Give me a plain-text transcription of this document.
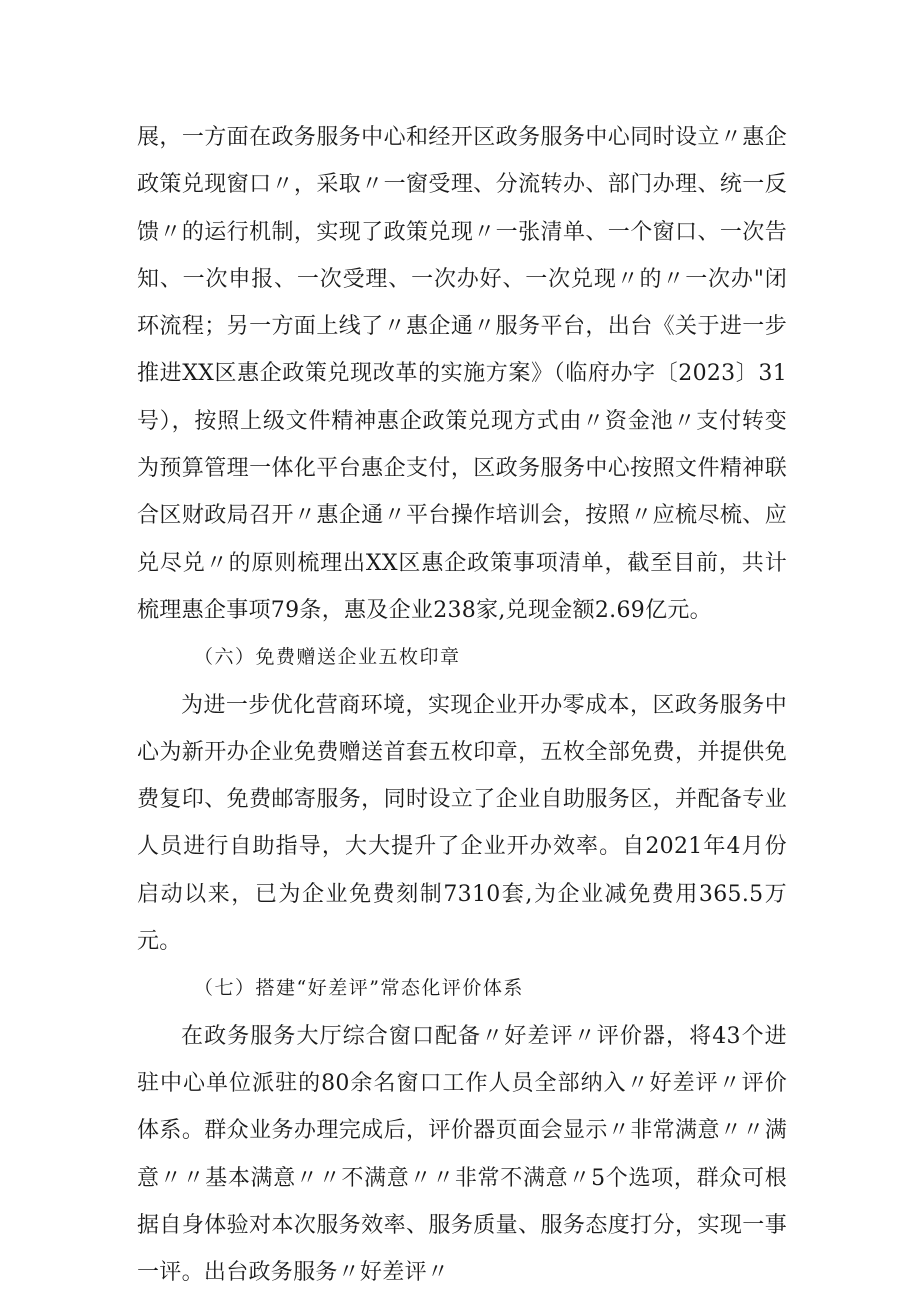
展，一方面在政务服务中心和经开区政务服务中心同时设立〃惠企政策兑现窗口〃，采取〃一窗受理、分流转办、部门办理、统一反馈〃的运行机制，实现了政策兑现〃一张清单、一个窗口、一次告知、一次申报、一次受理、一次办好、一次兑现〃的〃一次办"闭环流程；另一方面上线了〃惠企通〃服务平台，出台《关于进一步推进XX区惠企政策兑现改革的实施方案》（临府办字〔2023〕31号），按照上级文件精神惠企政策兑现方式由〃资金池〃支付转变为预算管理一体化平台惠企支付，区政务服务中心按照文件精神联合区财政局召开〃惠企通〃平台操作培训会，按照〃应梳尽梳、应兑尽兑〃的原则梳理出XX区惠企政策事项清单，截至目前，共计梳理惠企事项79条，惠及企业238家,兑现金额2.69亿元。

（六）免费赠送企业五枚印章

为进一步优化营商环境，实现企业开办零成本，区政务服务中心为新开办企业免费赠送首套五枚印章，五枚全部免费，并提供免费复印、免费邮寄服务，同时设立了企业自助服务区，并配备专业人员进行自助指导，大大提升了企业开办效率。自2021年4月份启动以来，已为企业免费刻制7310套,为企业减免费用365.5万元。

（七）搭建“好差评”常态化评价体系

在政务服务大厅综合窗口配备〃好差评〃评价器，将43个进驻中心单位派驻的80余名窗口工作人员全部纳入〃好差评〃评价体系。群众业务办理完成后，评价器页面会显示〃非常满意〃〃满意〃〃基本满意〃〃不满意〃〃非常不满意〃5个选项，群众可根据自身体验对本次服务效率、服务质量、服务态度打分，实现一事一评。出台政务服务〃好差评〃
